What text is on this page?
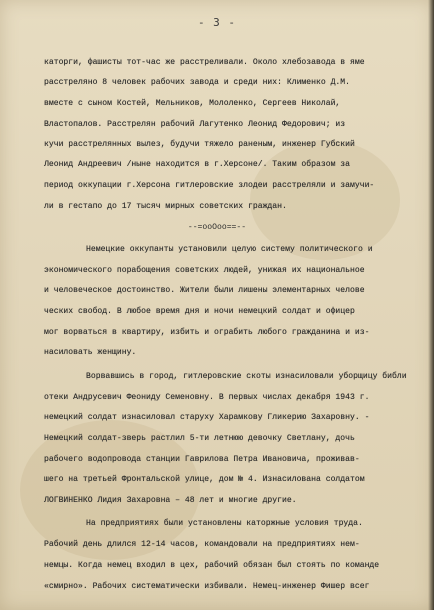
- 3 -
каторги, фашисты тот-час же расстреливали. Около хлебозавода в яме
расстреляно 8 человек рабочих завода и среди них: Клименко Д.М.
вместе с сыном Костей, Мельников, Мололенко, Сергеев Николай,
Властопалов. Расстрелян рабочий Лагутенко Леонид Федорович; из
кучи расстрелянных вылез, будучи тяжело раненым, инженер Губский
Леонид Андреевич /ныне находится в г.Херсоне/. Таким образом за
период оккупации г.Херсона гитлеровские злодеи расстреляли и замучи-
ли в гестапо до 17 тысяч мирных советских граждан.
--=ооОоо==--
Немецкие оккупанты установили целую систему политического и
экономического порабощения советских людей, унижая их национальное
и человеческое достоинство. Жители были лишены элементарных челове
ческих свобод. В любое время дня и ночи немецкий солдат и офицер
мог ворваться в квартиру, избить и ограбить любого гражданина и из-
насиловать женщину.
Ворвавшись в город, гитлеровские скоты изнасиловали уборщицу библи
отеки Андрусевич Феониду Семеновну. В первых числах декабря 1943 г.
немецкий солдат изнасиловал старуху Харамкову Гликерию Захаровну. -
Немецкий солдат-зверь растлил 5-ти летнюю девочку Светлану, дочь
рабочего водопровода станции Гаврилова Петра Ивановича, проживав-
шего на третьей Фронтальской улице, дом № 4. Изнасилована солдатом
ЛОГВИНЕНКО Лидия Захаровна – 48 лет и многие другие.
На предприятиях были установлены каторжные условия труда.
Рабочий день длился 12-14 часов, командовали на предприятиях нем-
немцы. Когда немец входил в цех, рабочий обязан был стоять по команде
«смирно». Рабочих систематически избивали. Немец-инженер Фишер всег
